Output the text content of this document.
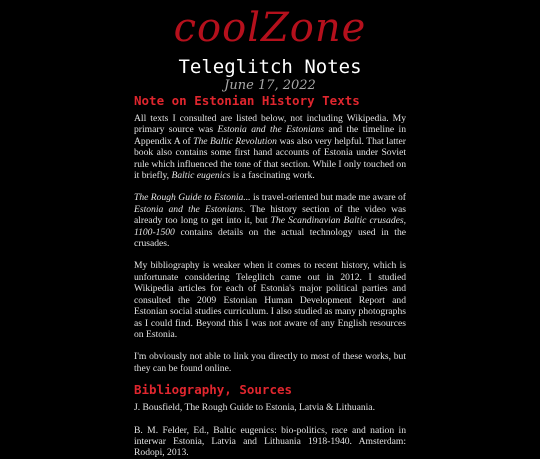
coolZone
Teleglitch Notes
June 17, 2022
Note on Estonian History Texts

All texts I consulted are listed below, not including Wikipedia. My primary source was Estonia and the Estonians and the timeline in Appendix A of The Baltic Revolution was also very helpful. That latter book also contains some first hand accounts of Estonia under Soviet rule which influenced the tone of that section. While I only touched on it briefly, Baltic eugenics is a fascinating work.

The Rough Guide to Estonia... is travel-oriented but made me aware of Estonia and the Estonians. The history section of the video was already too long to get into it, but The Scandinavian Baltic crusades, 1100-1500 contains details on the actual technology used in the crusades.

My bibliography is weaker when it comes to recent history, which is unfortunate considering Teleglitch came out in 2012. I studied Wikipedia articles for each of Estonia's major political parties and consulted the 2009 Estonian Human Development Report and Estonian social studies curriculum. I also studied as many photographs as I could find. Beyond this I was not aware of any English resources on Estonia.

I'm obviously not able to link you directly to most of these works, but they can be found online.

Bibliography, Sources

J. Bousfield, The Rough Guide to Estonia, Latvia & Lithuania.

B. M. Felder, Ed., Baltic eugenics: bio-politics, race and nation in interwar Estonia, Latvia and Lithuania 1918-1940. Amsterdam: Rodopi, 2013.
